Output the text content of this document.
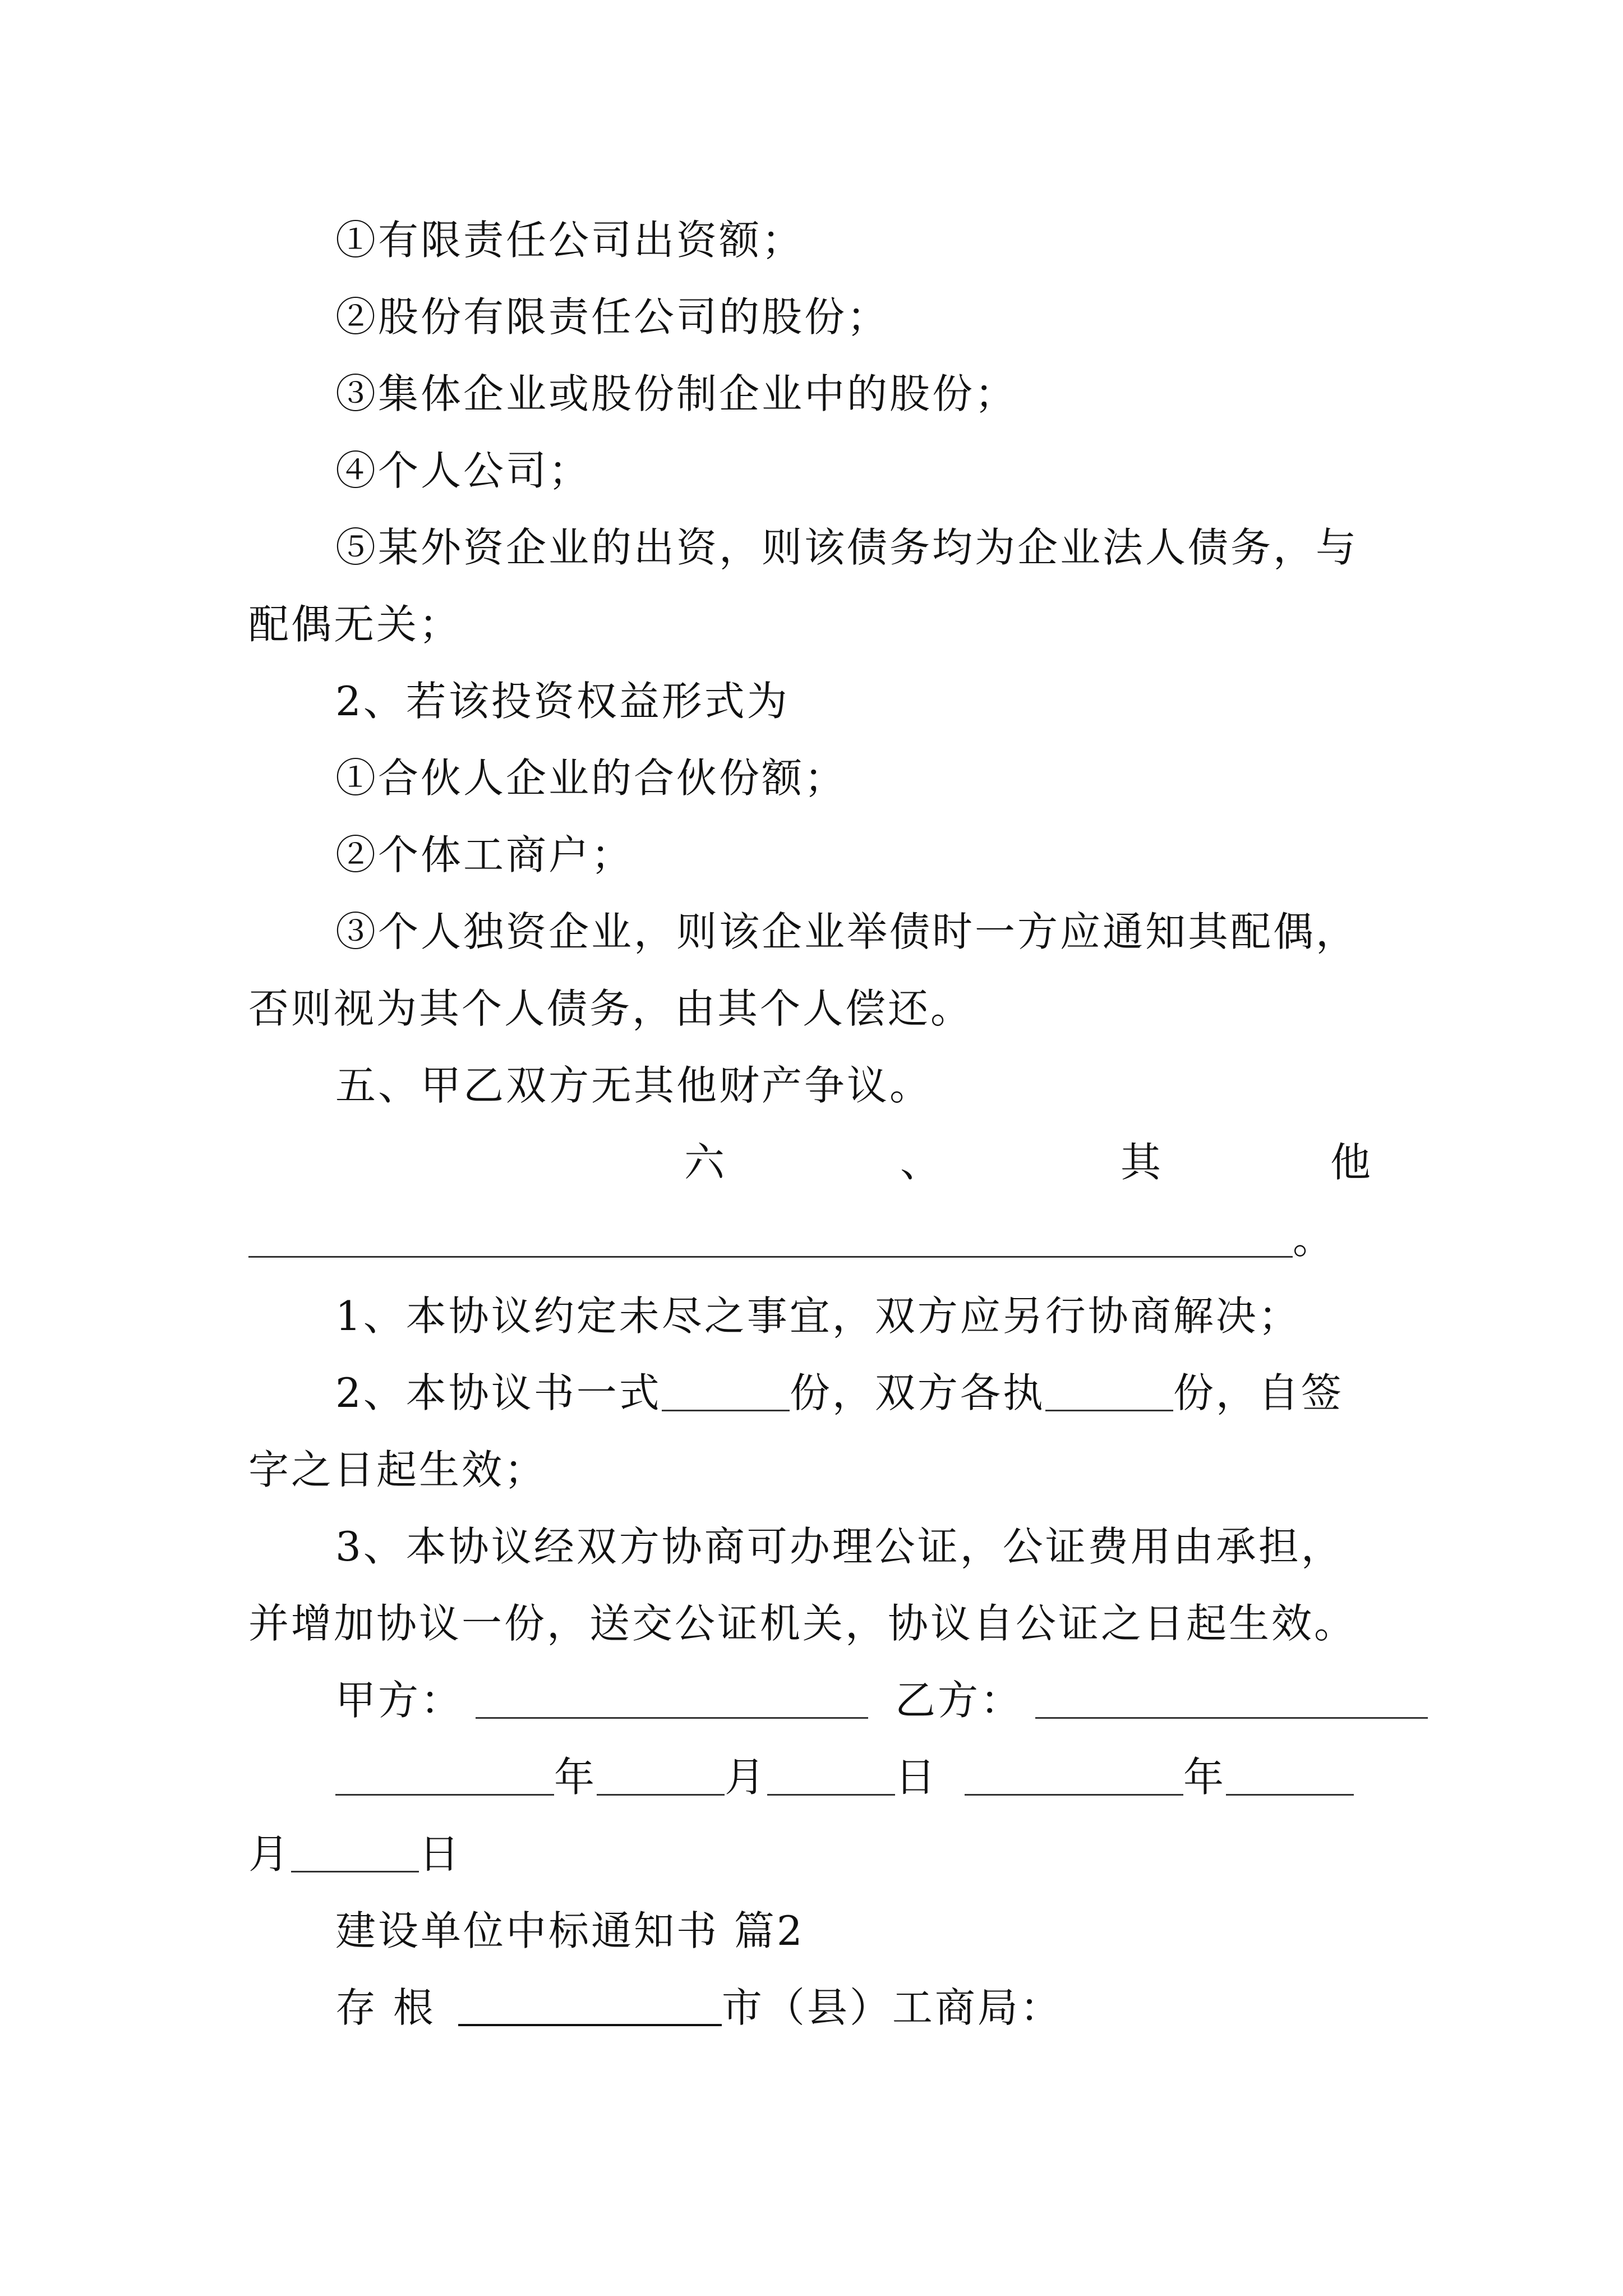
①有限责任公司出资额；
②股份有限责任公司的股份；
③集体企业或股份制企业中的股份；
④个人公司；
⑤某外资企业的出资，则该债务均为企业法人债务，与
配偶无关；
2、若该投资权益形式为
①合伙人企业的合伙份额；
②个体工商户；
③个人独资企业，则该企业举债时一方应通知其配偶，
否则视为其个人债务，由其个人偿还。
五、甲乙双方无其他财产争议。
六	、	其	他
。
1、本协议约定未尽之事宜，双方应另行协商解决；
2、本协议书一式	份，双方各执	份，自签
字之日起生效；
3、本协议经双方协商可办理公证，公证费用由承担，
并增加协议一份，送交公证机关，协议自公证之日起生效。
甲方：	乙方：
年	月	日	年
月	日
建设单位中标通知书 篇2
存 根	市（县）工商局：
